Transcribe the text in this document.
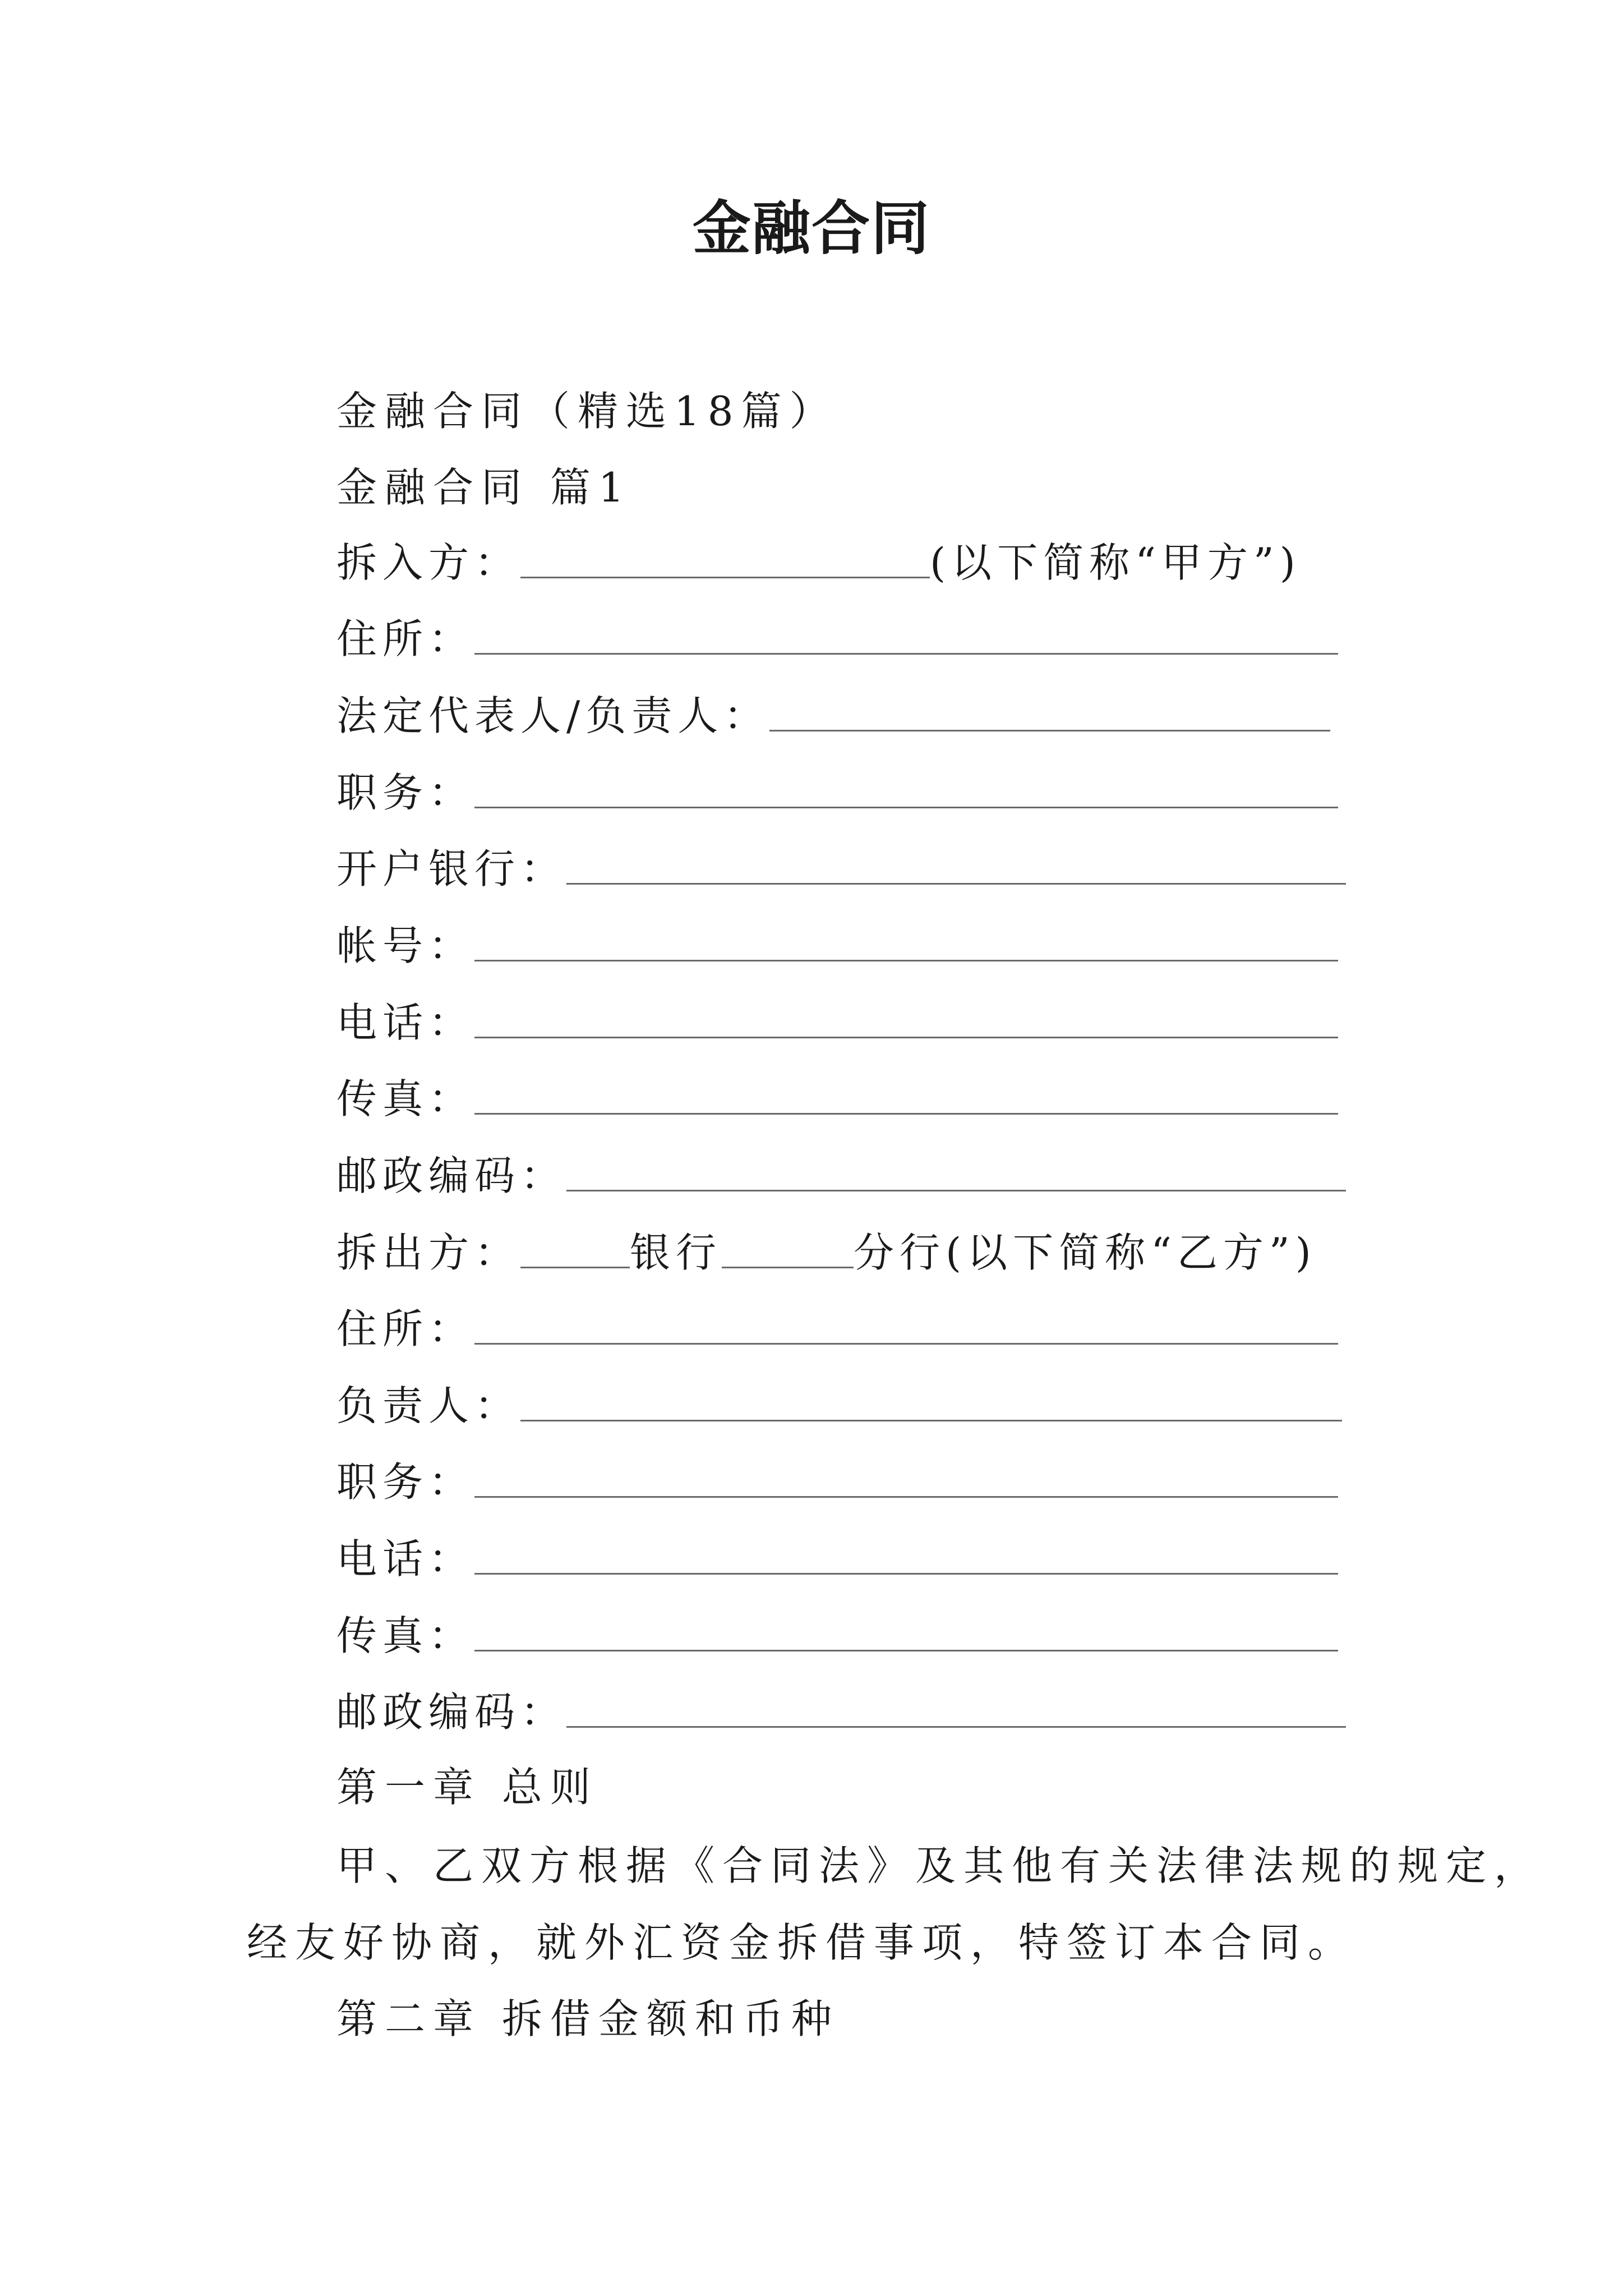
金融合同
金融合同（精选18篇）
金融合同 篇1
拆入方：	(以下简称“甲方”)
住所：
法定代表人/负责人：
职务：
开户银行：
帐号：
电话：
传真：
邮政编码：
拆出方：	银行	分行(以下简称“乙方”)
住所：
负责人：
职务：
电话：
传真：
邮政编码：
第一章 总则
甲、乙双方根据《合同法》及其他有关法律法规的规定，
经友好协商，就外汇资金拆借事项，特签订本合同。
第二章 拆借金额和币种
